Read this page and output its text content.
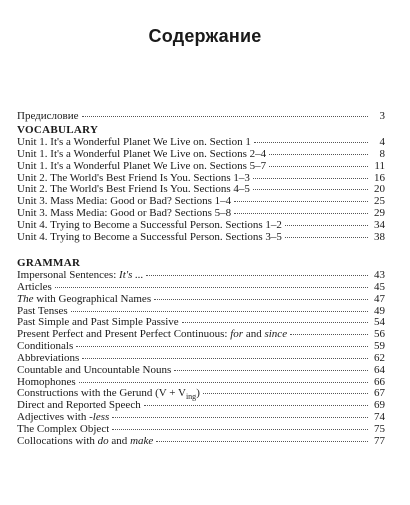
Содержание
Предисловие	3
VOCABULARY
Unit 1. It's a Wonderful Planet We Live on. Section 1	4
Unit 1. It's a Wonderful Planet We Live on. Sections 2–4	8
Unit 1. It's a Wonderful Planet We Live on. Sections 5–7	11
Unit 2. The World's Best Friend Is You. Sections 1–3	16
Unit 2. The World's Best Friend Is You. Sections 4–5	20
Unit 3. Mass Media: Good or Bad? Sections 1–4	25
Unit 3. Mass Media: Good or Bad? Sections 5–8	29
Unit 4. Trying to Become a Successful Person. Sections 1–2	34
Unit 4. Trying to Become a Successful Person. Sections 3–5	38
GRAMMAR
Impersonal Sentences: It's ...	43
Articles	45
The with Geographical Names	47
Past Tenses	49
Past Simple and Past Simple Passive	54
Present Perfect and Present Perfect Continuous: for and since	56
Conditionals	59
Abbreviations	62
Countable and Uncountable Nouns	64
Homophones	66
Constructions with the Gerund $(V + V_{ing})$	67
Direct and Reported Speech	69
Adjectives with -less	74
The Complex Object	75
Collocations with do and make	77
